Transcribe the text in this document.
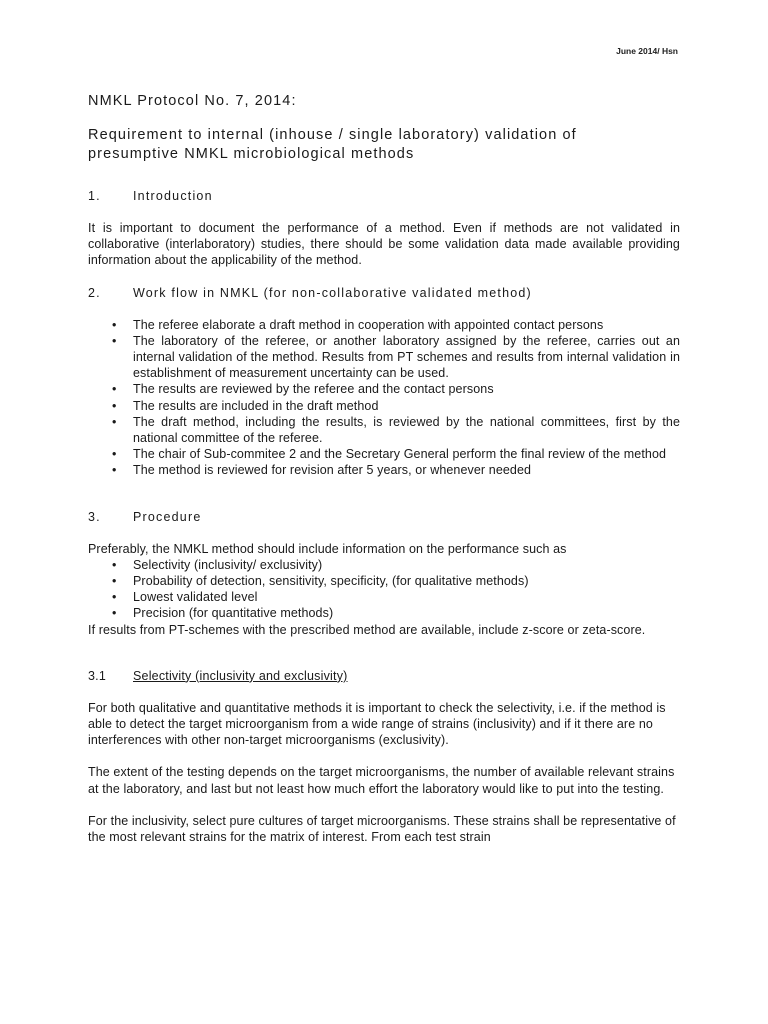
June 2014/ Hsn
NMKL Protocol No. 7, 2014:
Requirement to internal (inhouse / single laboratory) validation of
presumptive NMKL microbiological methods
1.	Introduction

It is important to document the performance of a method. Even if methods are not validated in collaborative (interlaboratory) studies, there should be some validation data made available providing information about the applicability of the method.

2.	Work flow in NMKL (for non-collaborative validated method)
• The referee elaborate a draft method in cooperation with appointed contact persons
• The laboratory of the referee, or another laboratory assigned by the referee, carries out an internal validation of the method. Results from PT schemes and results from internal validation in establishment of measurement uncertainty can be used.
• The results are reviewed by the referee and the contact persons
• The results are included in the draft method
• The draft method, including the results, is reviewed by the national committees, first by the national committee of the referee.
• The chair of Sub-commitee 2 and the Secretary General perform the final review of the method
• The method is reviewed for revision after 5 years, or whenever needed
3.	Procedure

Preferably, the NMKL method should include information on the performance such as

• Selectivity (inclusivity/ exclusivity)
• Probability of detection, sensitivity, specificity, (for qualitative methods)
• Lowest validated level
• Precision (for quantitative methods)

If results from PT-schemes with the prescribed method are available, include z-score or zeta-score.

3.1	Selectivity (inclusivity and exclusivity)

For both qualitative and quantitative methods it is important to check the selectivity, i.e. if the method is able to detect the target microorganism from a wide range of strains (inclusivity) and if it there are no interferences with other non-target microorganisms (exclusivity).

The extent of the testing depends on the target microorganisms, the number of available relevant strains at the laboratory, and last but not least how much effort the laboratory would like to put into the testing.

For the inclusivity, select pure cultures of target microorganisms. These strains shall be representative of the most relevant strains for the matrix of interest. From each test strain
